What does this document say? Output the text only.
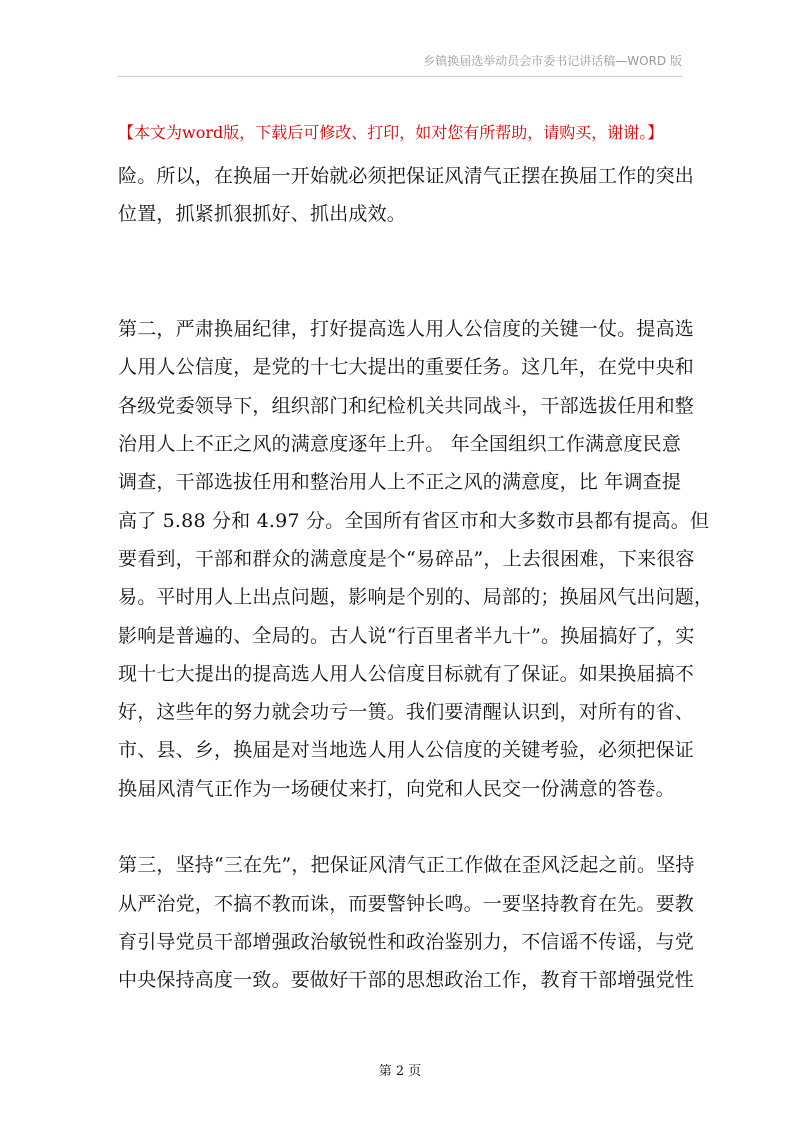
乡镇换届选举动员会市委书记讲话稿—WORD 版
【本文为word版，下载后可修改、打印，如对您有所帮助，请购买，谢谢。】
险。所以，在换届一开始就必须把保证风清气正摆在换届工作的突出
位置，抓紧抓狠抓好、抓出成效。
第二，严肃换届纪律，打好提高选人用人公信度的关键一仗。提高选
人用人公信度，是党的十七大提出的重要任务。这几年，在党中央和
各级党委领导下，组织部门和纪检机关共同战斗，干部选拔任用和整
治用人上不正之风的满意度逐年上升。 年全国组织工作满意度民意
调查，干部选拔任用和整治用人上不正之风的满意度，比 年调查提
高了 5.88 分和 4.97 分。全国所有省区市和大多数市县都有提高。但
要看到，干部和群众的满意度是个“易碎品”，上去很困难，下来很容
易。平时用人上出点问题，影响是个别的、局部的；换届风气出问题，
影响是普遍的、全局的。古人说“行百里者半九十”。换届搞好了，实
现十七大提出的提高选人用人公信度目标就有了保证。如果换届搞不
好，这些年的努力就会功亏一篑。我们要清醒认识到，对所有的省、
市、县、乡，换届是对当地选人用人公信度的关键考验，必须把保证
换届风清气正作为一场硬仗来打，向党和人民交一份满意的答卷。
第三，坚持“三在先”，把保证风清气正工作做在歪风泛起之前。坚持
从严治党，不搞不教而诛，而要警钟长鸣。一要坚持教育在先。要教
育引导党员干部增强政治敏锐性和政治鉴别力，不信谣不传谣，与党
中央保持高度一致。要做好干部的思想政治工作，教育干部增强党性
第 2 页
